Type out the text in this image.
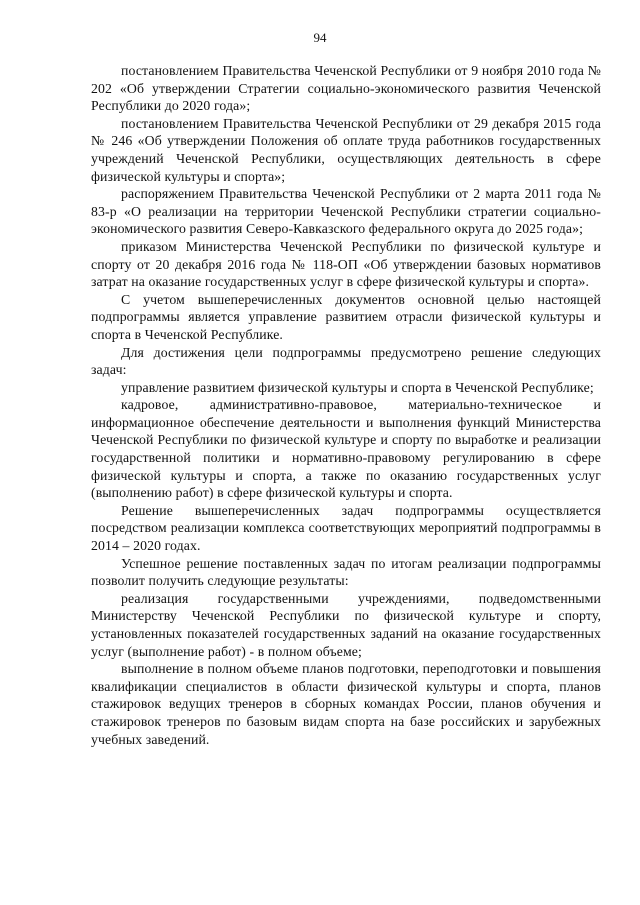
94

постановлением Правительства Чеченской Республики от 9 ноября 2010 года № 202 «Об утверждении Стратегии социально-экономического развития Чеченской Республики до 2020 года»;

постановлением Правительства Чеченской Республики от 29 декабря 2015 года № 246 «Об утверждении Положения об оплате труда работников государственных учреждений Чеченской Республики, осуществляющих деятельность в сфере физической культуры и спорта»;

распоряжением Правительства Чеченской Республики от 2 марта 2011 года № 83-р «О реализации на территории Чеченской Республики стратегии социально-экономического развития Северо-Кавказского федерального округа до 2025 года»;

приказом Министерства Чеченской Республики по физической культуре и спорту от 20 декабря 2016 года № 118-ОП «Об утверждении базовых нормативов затрат на оказание государственных услуг в сфере физической культуры и спорта».

С учетом вышеперечисленных документов основной целью настоящей подпрограммы является управление развитием отрасли физической культуры и спорта в Чеченской Республике.

Для достижения цели подпрограммы предусмотрено решение следующих задач:

управление развитием физической культуры и спорта в Чеченской Республике;

кадровое, административно-правовое, материально-техническое и информационное обеспечение деятельности и выполнения функций Министерства Чеченской Республики по физической культуре и спорту по выработке и реализации государственной политики и нормативно-правовому регулированию в сфере физической культуры и спорта, а также по оказанию государственных услуг (выполнению работ) в сфере физической культуры и спорта.

Решение вышеперечисленных задач подпрограммы осуществляется посредством реализации комплекса соответствующих мероприятий подпрограммы в 2014 – 2020 годах.

Успешное решение поставленных задач по итогам реализации подпрограммы позволит получить следующие результаты:

реализация государственными учреждениями, подведомственными Министерству Чеченской Республики по физической культуре и спорту, установленных показателей государственных заданий на оказание государственных услуг (выполнение работ) - в полном объеме;

выполнение в полном объеме планов подготовки, переподготовки и повышения квалификации специалистов в области физической культуры и спорта, планов стажировок ведущих тренеров в сборных командах России, планов обучения и стажировок тренеров по базовым видам спорта на базе российских и зарубежных учебных заведений.
